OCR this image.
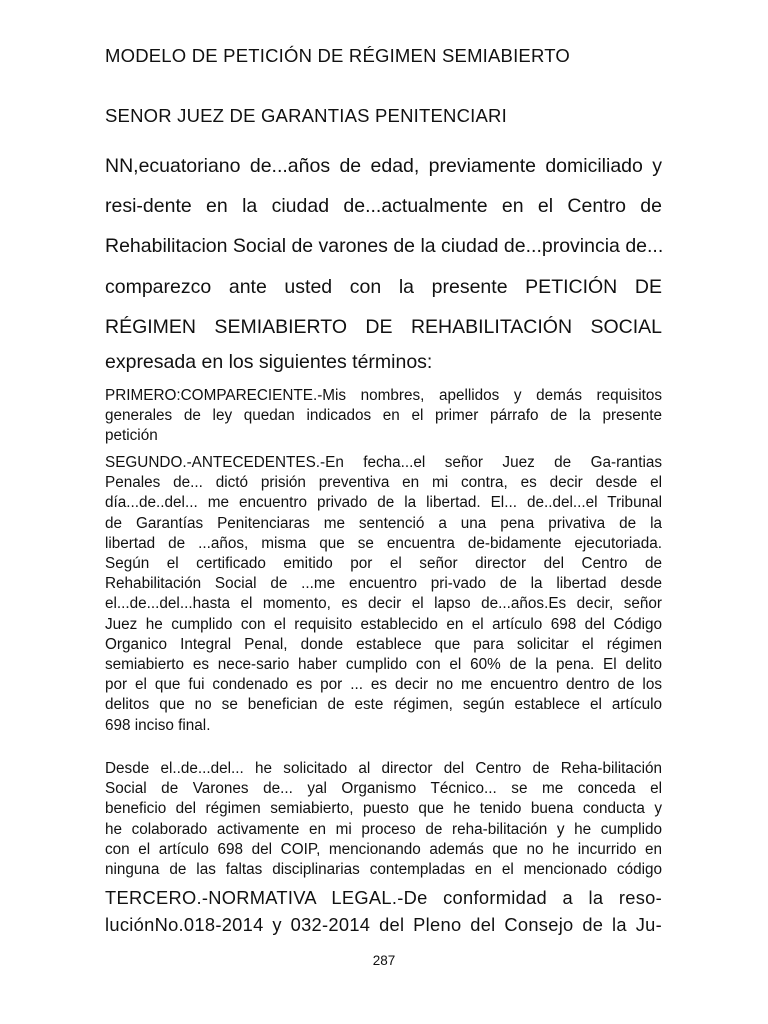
MODELO DE PETICIÓN DE RÉGIMEN SEMIABIERTO
SENOR JUEZ DE GARANTIAS PENITENCIARI
NN,ecuatoriano de...años de edad, previamente domiciliado y
resi-dente en la ciudad de...actualmente en el Centro de
Rehabilitacion Social de varones de la ciudad de...provincia de...
comparezco ante usted con la presente PETICIÓN DE
RÉGIMEN SEMIABIERTO DE REHABILITACIÓN SOCIAL
expresada en los siguientes términos:
PRIMERO:COMPARECIENTE.-Mis nombres, apellidos y demás requisitos
generales de ley quedan indicados en el primer párrafo de la presente
petición
SEGUNDO.-ANTECEDENTES.-En fecha...el señor Juez de Ga-rantias
Penales de... dictó prisión preventiva en mi contra, es decir desde el
día...de..del... me encuentro privado de la libertad. El... de..del...el Tribunal
de Garantías Penitenciaras me sentenció a una pena privativa de la
libertad de ...años, misma que se encuentra de-bidamente ejecutoriada.
Según el certificado emitido por el señor director del Centro de
Rehabilitación Social de ...me encuentro pri-vado de la libertad desde
el...de...del...hasta el momento, es decir el lapso de...años.Es decir, señor
Juez he cumplido con el requisito establecido en el artículo 698 del Código
Organico Integral Penal, donde establece que para solicitar el régimen
semiabierto es nece-sario haber cumplido con el 60% de la pena. El delito
por el que fui condenado es por ... es decir no me encuentro dentro de los
delitos que no se benefician de este régimen, según establece el artículo
698 inciso final.
Desde el..de...del... he solicitado al director del Centro de Reha-bilitación
Social de Varones de... yal Organismo Técnico... se me conceda el
beneficio del régimen semiabierto, puesto que he tenido buena conducta y
he colaborado activamente en mi proceso de reha-bilitación y he cumplido
con el artículo 698 del COIP, mencionando además que no he incurrido en
ninguna de las faltas disciplinarias contempladas en el mencionado código
TERCERO.-NORMATIVA LEGAL.-De conformidad a la reso-
luciónNo.018-2014 y 032-2014 del Pleno del Consejo de la Ju-
287
